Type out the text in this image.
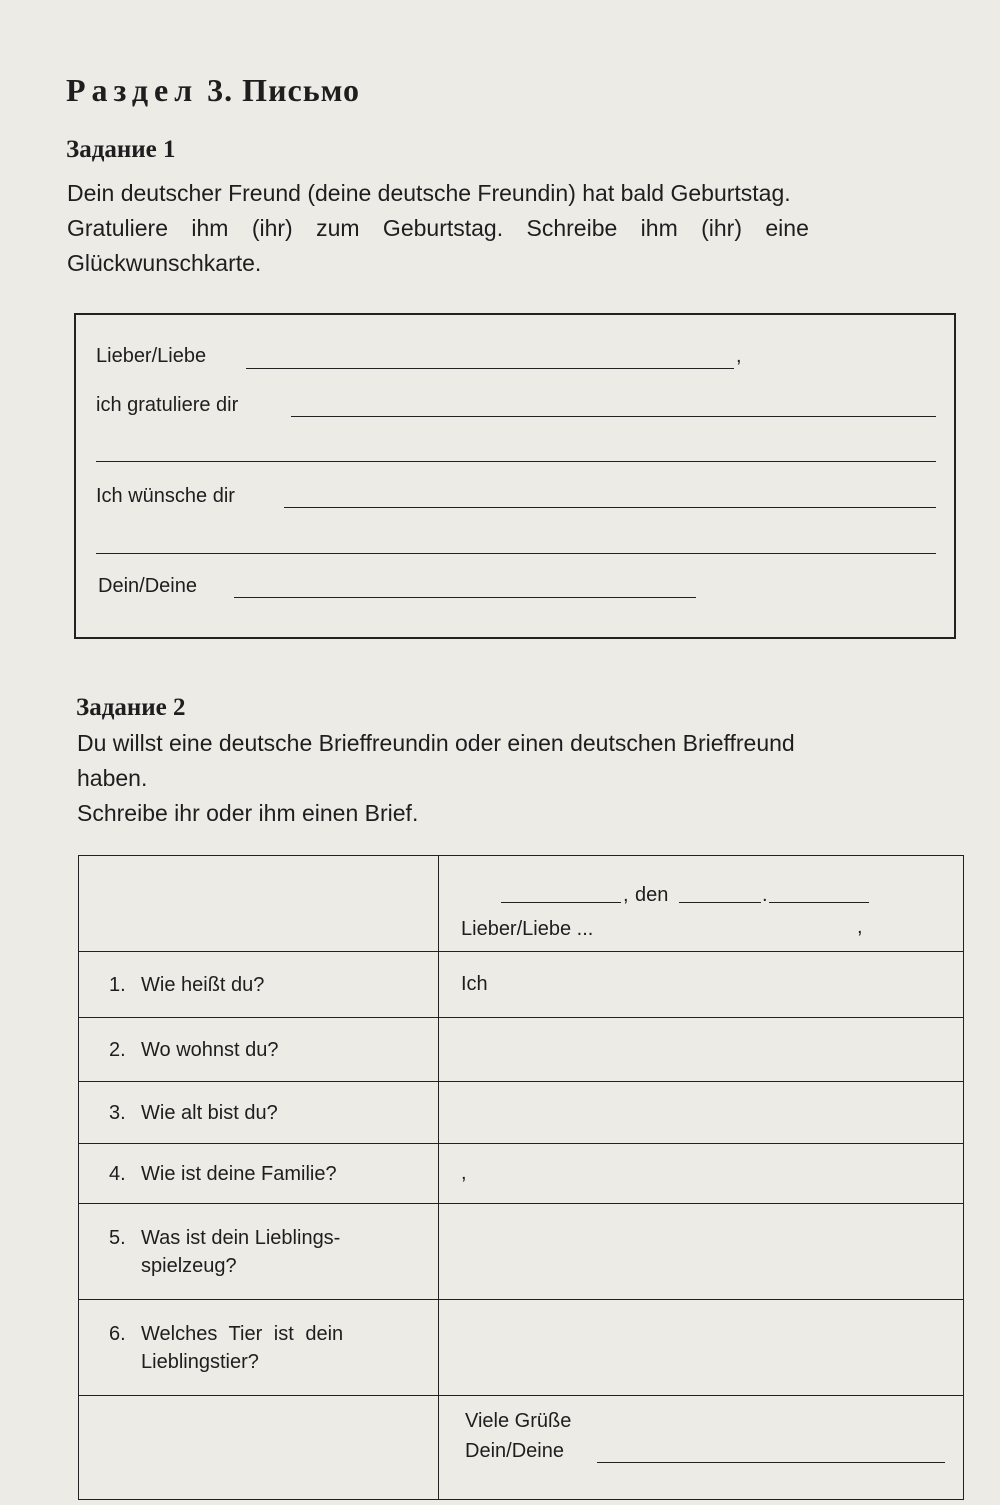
Раздел 3. Письмо
Задание 1
Dein deutscher Freund (deine deutsche Freundin) hat bald Geburtstag.
Gratuliere ihm (ihr) zum Geburtstag. Schreibe ihm (ihr) eine
Glückwunschkarte.
Lieber/Liebe	,
ich gratuliere dir
Ich wünsche dir
Dein/Deine
Задание 2
Du willst eine deutsche Brieffreundin oder einen deutschen Brieffreund
haben.
Schreibe ihr oder ihm einen Brief.

	, den .
Lieber/Liebe ... ,

1. Wie heißt du?	Ich

2. Wo wohnst du?	

3. Wie alt bist du?	

4. Wie ist deine Familie?	,

5. Was ist dein Lieblings-
spielzeug?	

6. Welches Tier ist dein
Lieblingstier?	

	Viele Grüße
Dein/Deine
